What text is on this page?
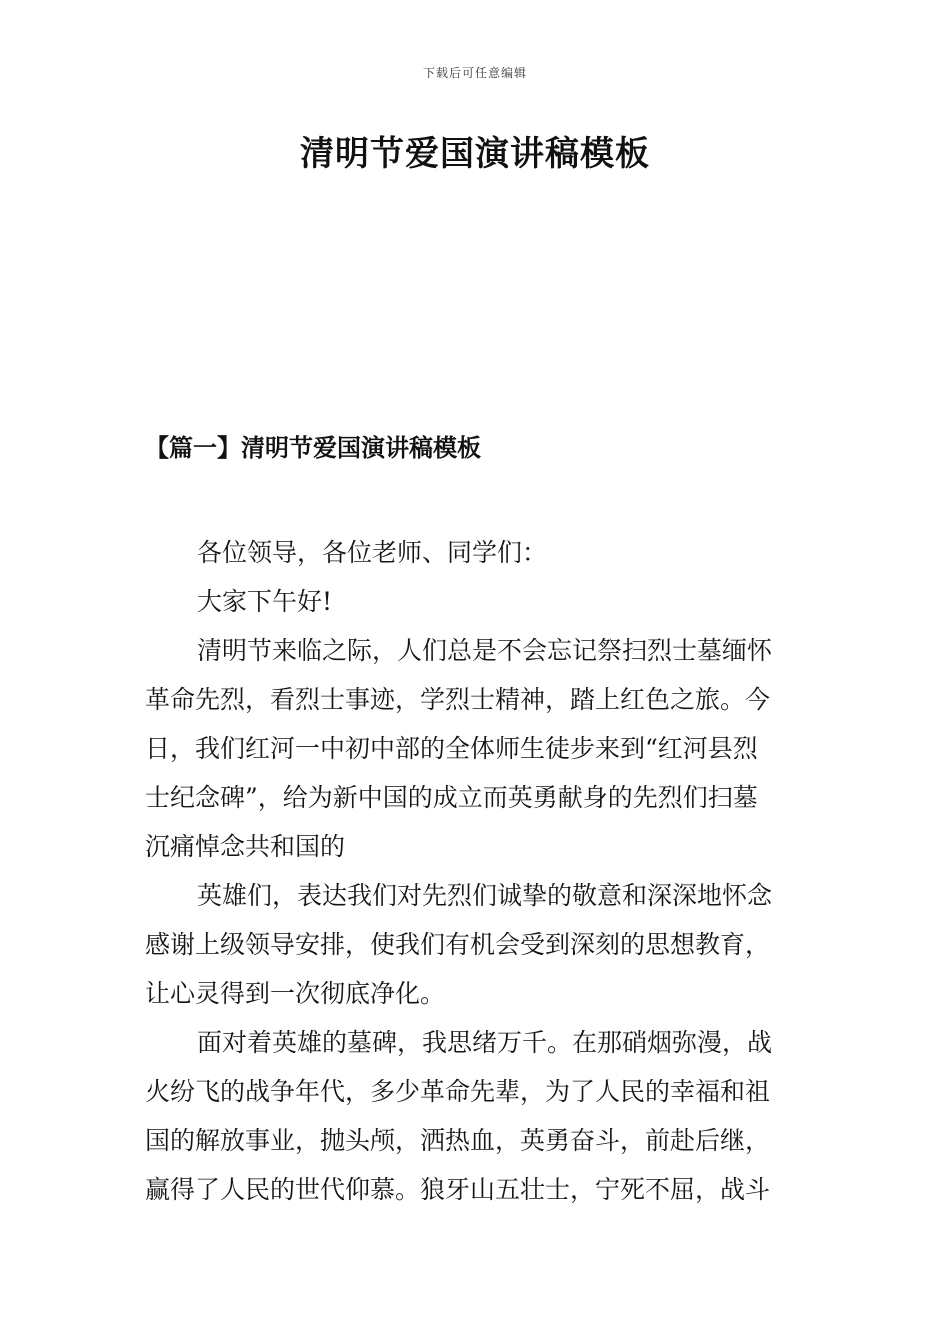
下载后可任意编辑
清明节爱国演讲稿模板
【篇一】清明节爱国演讲稿模板
各位领导，各位老师、同学们：
大家下午好!
清明节来临之际，人们总是不会忘记祭扫烈士墓缅怀
革命先烈，看烈士事迹，学烈士精神，踏上红色之旅。今
日，我们红河一中初中部的全体师生徒步来到“红河县烈
士纪念碑”，给为新中国的成立而英勇献身的先烈们扫墓
沉痛悼念共和国的
英雄们，表达我们对先烈们诚挚的敬意和深深地怀念
感谢上级领导安排，使我们有机会受到深刻的思想教育，
让心灵得到一次彻底净化。
面对着英雄的墓碑，我思绪万千。在那硝烟弥漫，战
火纷飞的战争年代，多少革命先辈，为了人民的幸福和祖
国的解放事业，抛头颅，洒热血，英勇奋斗，前赴后继，
赢得了人民的世代仰慕。狼牙山五壮士，宁死不屈，战斗
